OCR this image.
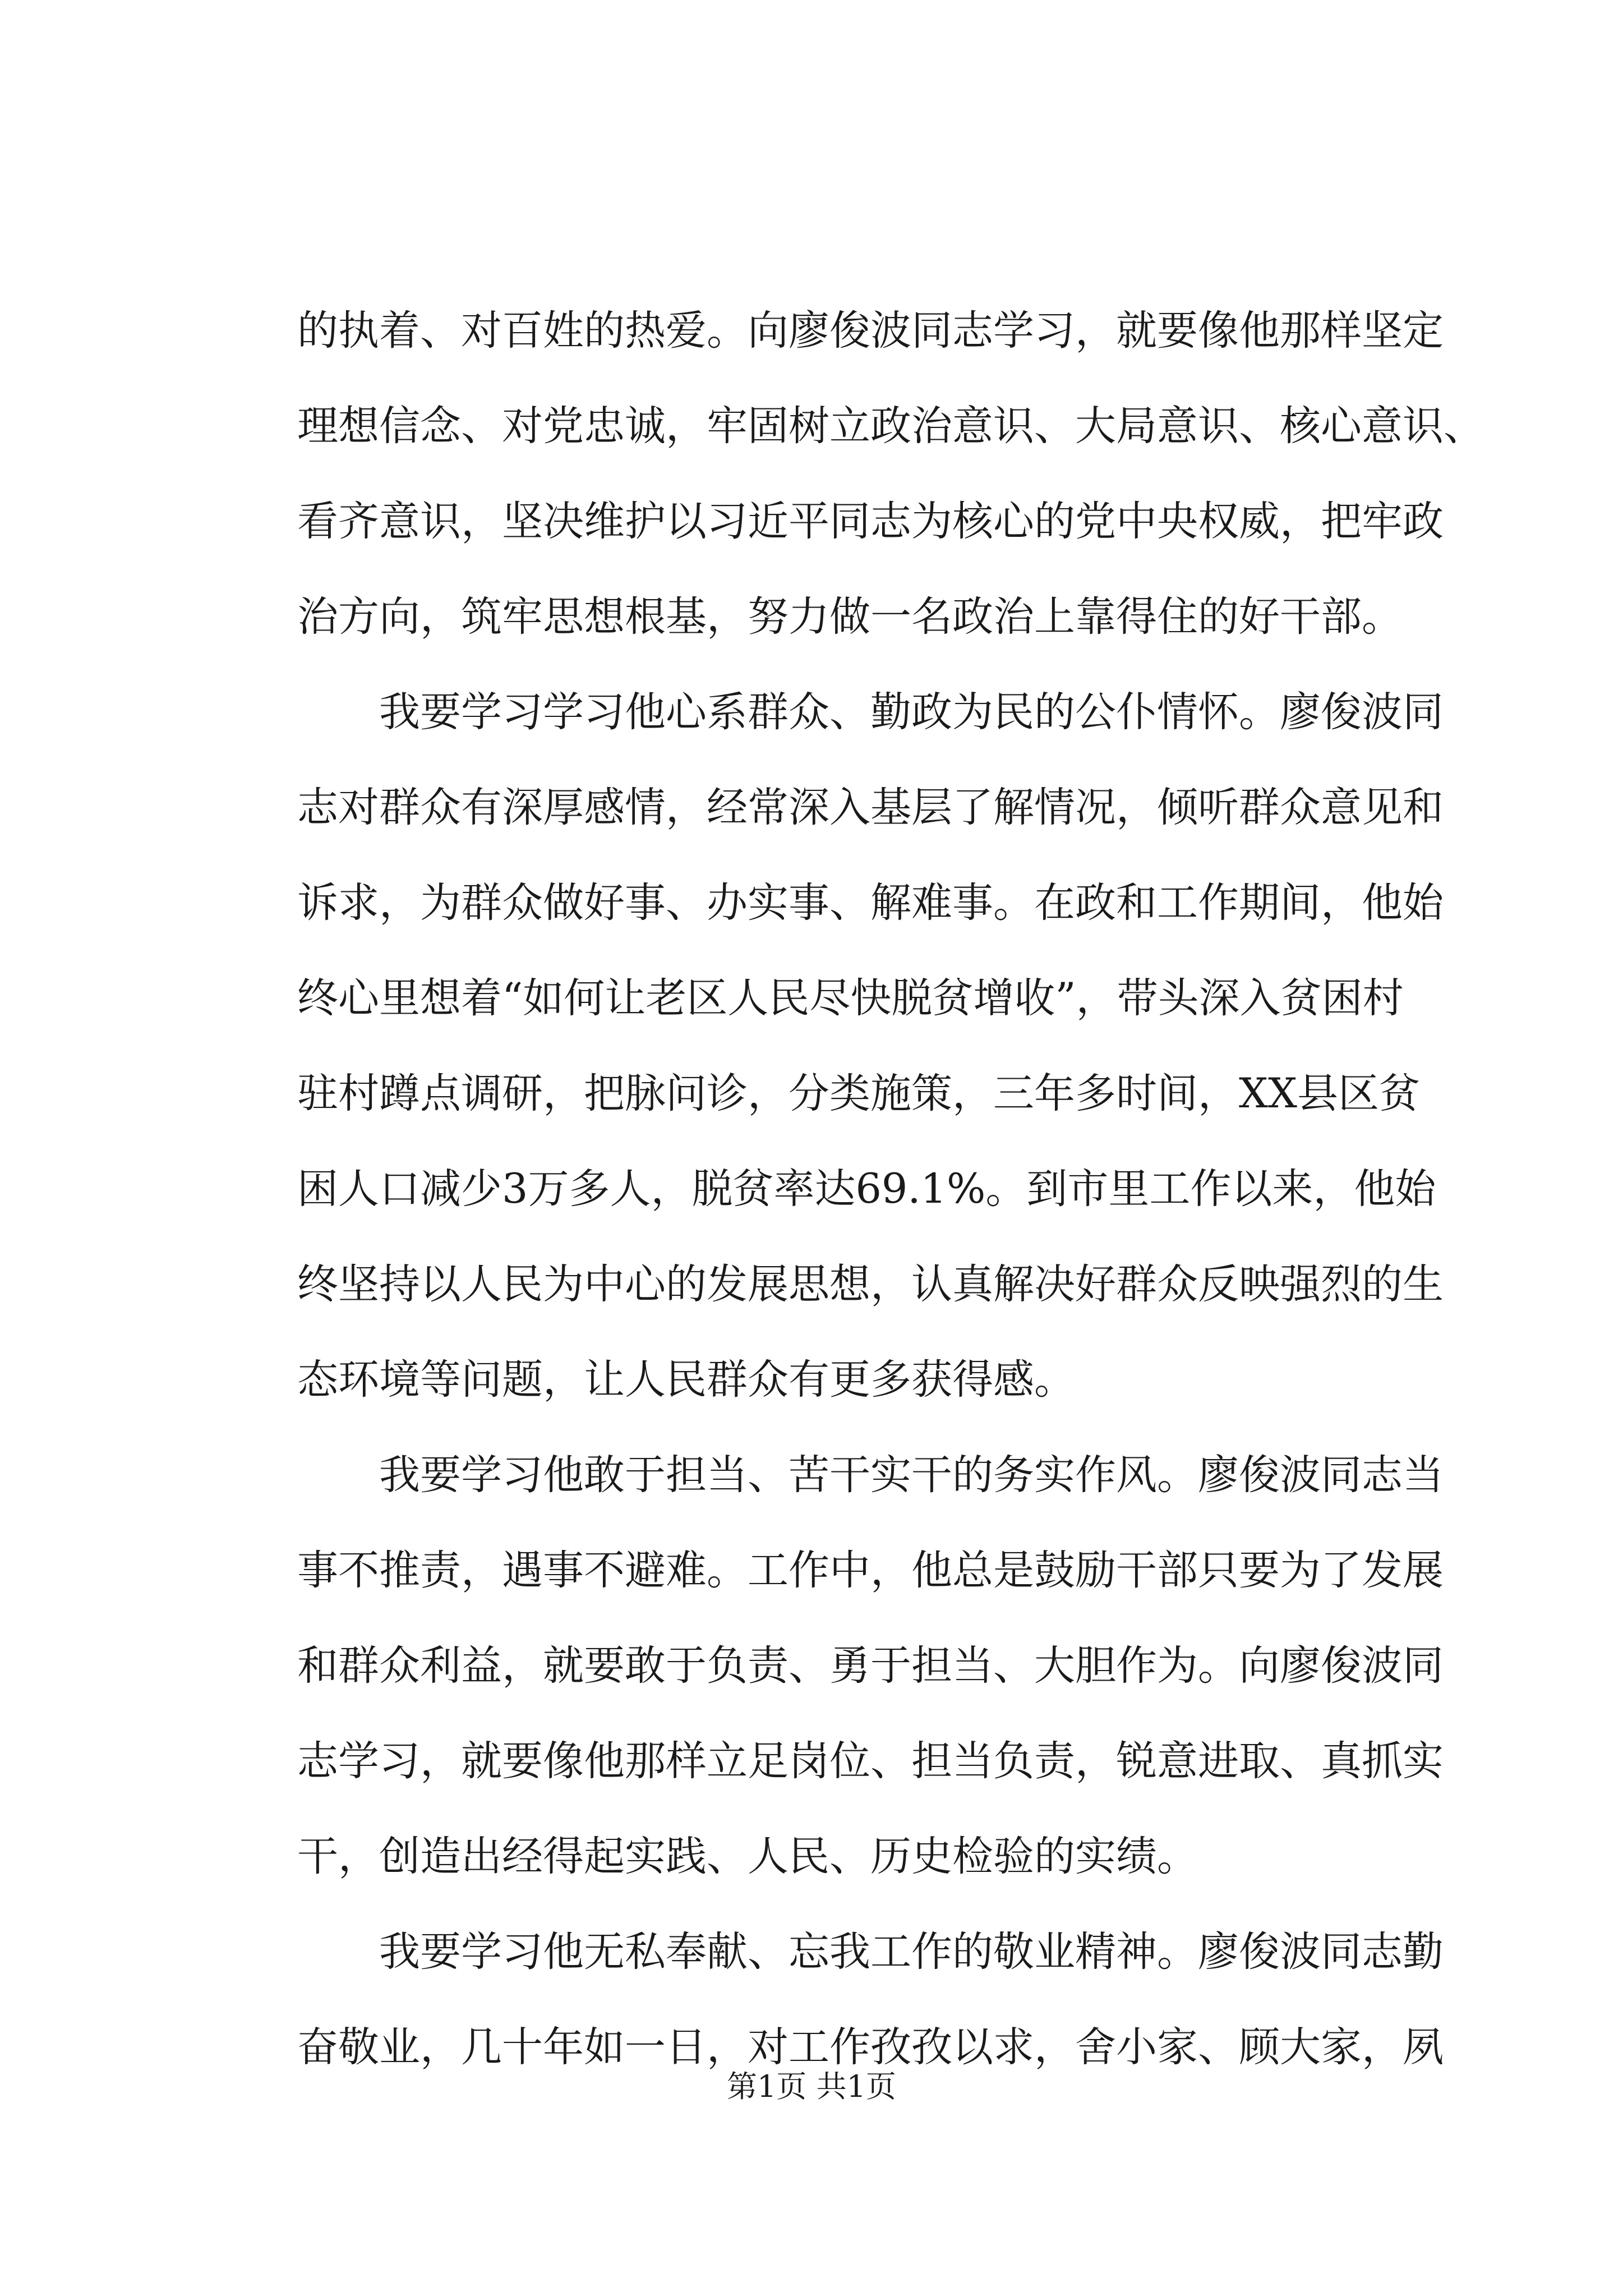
的执着、对百姓的热爱。向廖俊波同志学习，就要像他那样坚定
理想信念、对党忠诚，牢固树立政治意识、大局意识、核心意识、
看齐意识，坚决维护以习近平同志为核心的党中央权威，把牢政
治方向，筑牢思想根基，努力做一名政治上靠得住的好干部。
　　我要学习学习他心系群众、勤政为民的公仆情怀。廖俊波同
志对群众有深厚感情，经常深入基层了解情况，倾听群众意见和
诉求，为群众做好事、办实事、解难事。在政和工作期间，他始
终心里想着“如何让老区人民尽快脱贫增收”，带头深入贫困村
驻村蹲点调研，把脉问诊，分类施策，三年多时间，XX县区贫
困人口减少3万多人，脱贫率达69.1%。到市里工作以来，他始
终坚持以人民为中心的发展思想，认真解决好群众反映强烈的生
态环境等问题，让人民群众有更多获得感。
　　我要学习他敢于担当、苦干实干的务实作风。廖俊波同志当
事不推责，遇事不避难。工作中，他总是鼓励干部只要为了发展
和群众利益，就要敢于负责、勇于担当、大胆作为。向廖俊波同
志学习，就要像他那样立足岗位、担当负责，锐意进取、真抓实
干，创造出经得起实践、人民、历史检验的实绩。
　　我要学习他无私奉献、忘我工作的敬业精神。廖俊波同志勤
奋敬业，几十年如一日，对工作孜孜以求，舍小家、顾大家，夙
第1页 共1页
